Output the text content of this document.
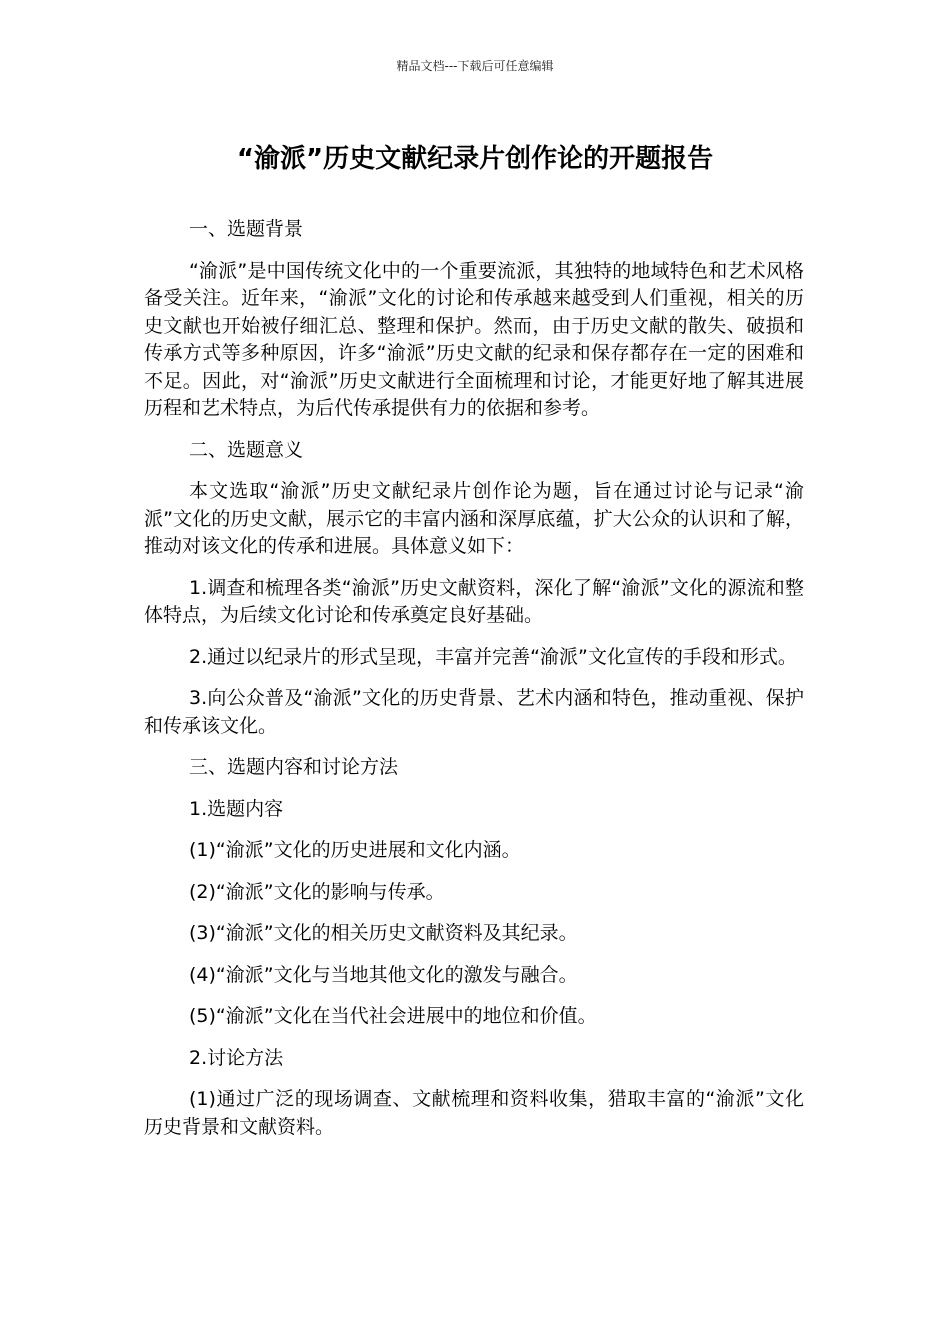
精品文档---下载后可任意编辑
“渝派”历史文献纪录片创作论的开题报告

一、选题背景

“渝派”是中国传统文化中的一个重要流派，其独特的地域特色和艺术风格备受关注。近年来，“渝派”文化的讨论和传承越来越受到人们重视，相关的历史文献也开始被仔细汇总、整理和保护。然而，由于历史文献的散失、破损和传承方式等多种原因，许多“渝派”历史文献的纪录和保存都存在一定的困难和不足。因此，对“渝派”历史文献进行全面梳理和讨论，才能更好地了解其进展历程和艺术特点，为后代传承提供有力的依据和参考。

二、选题意义

本文选取“渝派”历史文献纪录片创作论为题，旨在通过讨论与记录“渝派”文化的历史文献，展示它的丰富内涵和深厚底蕴，扩大公众的认识和了解，推动对该文化的传承和进展。具体意义如下：

1.调查和梳理各类“渝派”历史文献资料，深化了解“渝派”文化的源流和整体特点，为后续文化讨论和传承奠定良好基础。

2.通过以纪录片的形式呈现，丰富并完善“渝派”文化宣传的手段和形式。

3.向公众普及“渝派”文化的历史背景、艺术内涵和特色，推动重视、保护和传承该文化。

三、选题内容和讨论方法

1.选题内容

(1)“渝派”文化的历史进展和文化内涵。

(2)“渝派”文化的影响与传承。

(3)“渝派”文化的相关历史文献资料及其纪录。

(4)“渝派”文化与当地其他文化的激发与融合。

(5)“渝派”文化在当代社会进展中的地位和价值。

2.讨论方法

(1)通过广泛的现场调查、文献梳理和资料收集，猎取丰富的“渝派”文化历史背景和文献资料。
